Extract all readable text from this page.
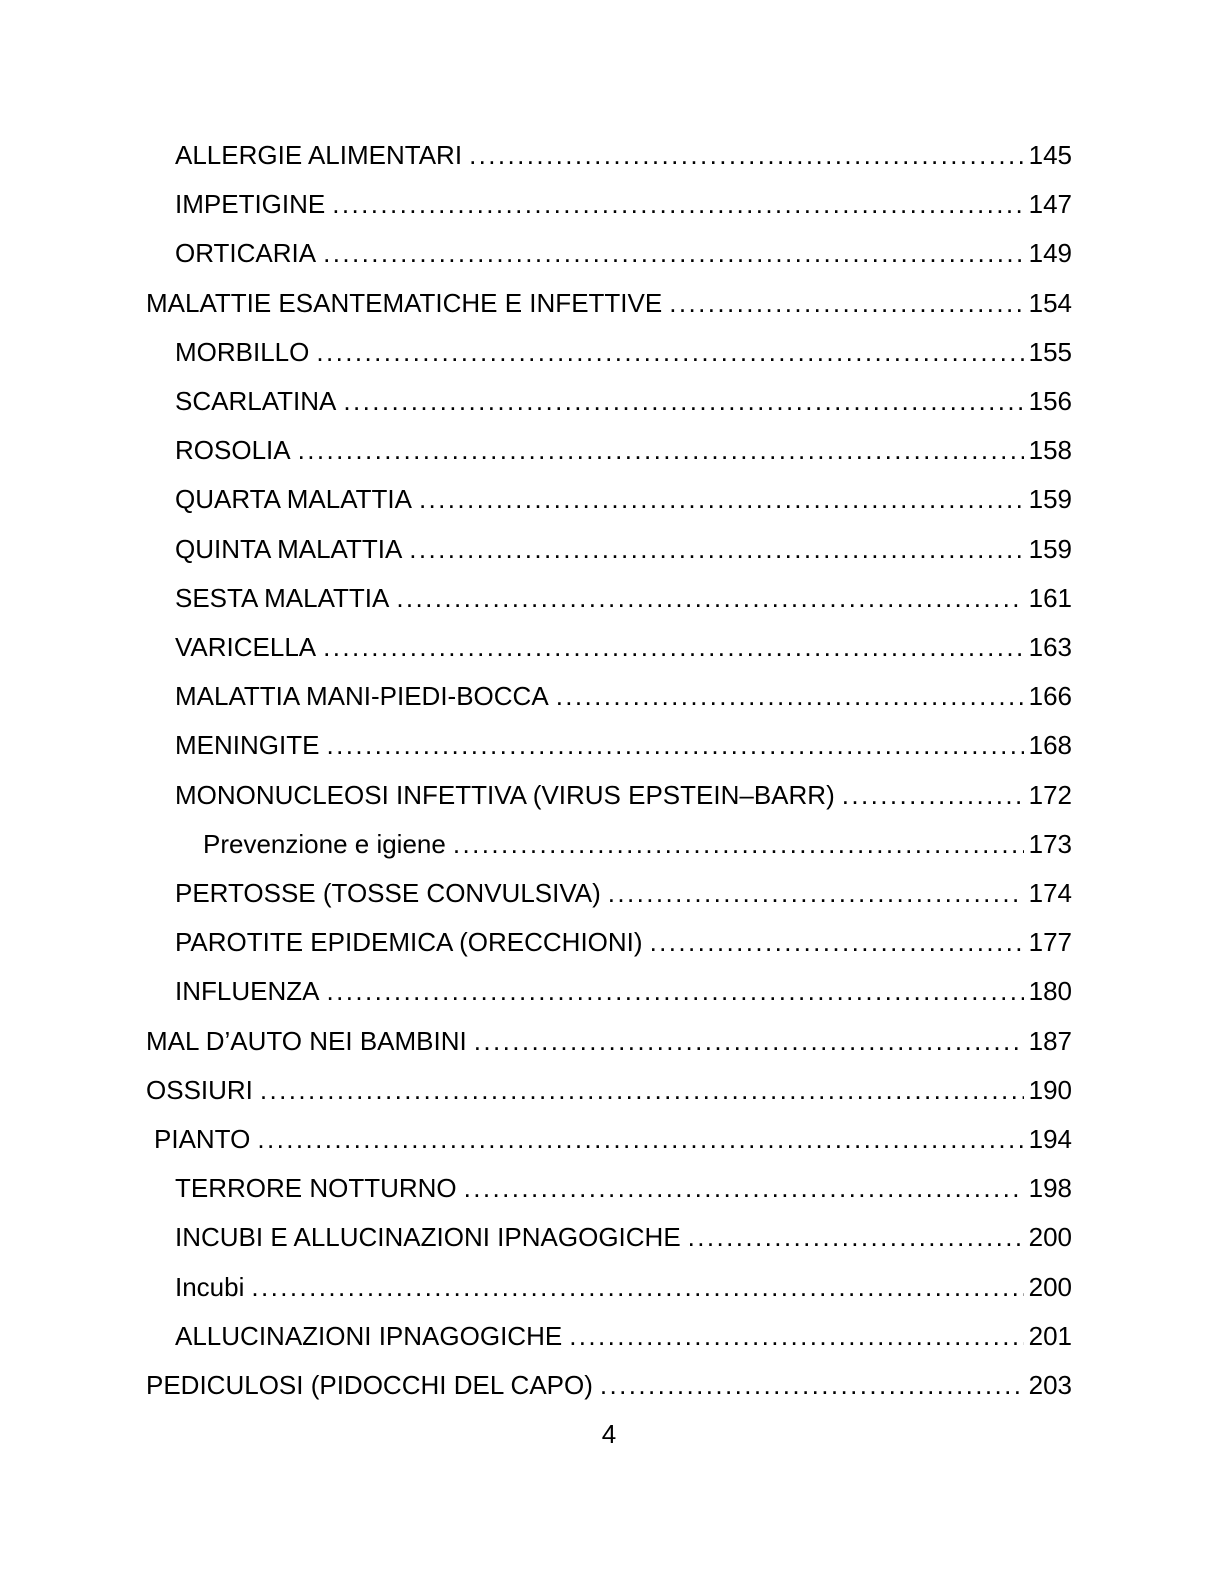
ALLERGIE ALIMENTARI .....	145
IMPETIGINE .....	147
ORTICARIA .....	149
MALATTIE ESANTEMATICHE E INFETTIVE .....	154
MORBILLO .....	155
SCARLATINA .....	156
ROSOLIA .....	158
QUARTA MALATTIA .....	159
QUINTA MALATTIA .....	159
SESTA MALATTIA .....	161
VARICELLA .....	163
MALATTIA MANI-PIEDI-BOCCA .....	166
MENINGITE .....	168
MONONUCLEOSI INFETTIVA (VIRUS EPSTEIN–BARR) .....	172
Prevenzione e igiene .....	173
PERTOSSE (TOSSE CONVULSIVA) .....	174
PAROTITE EPIDEMICA (ORECCHIONI) .....	177
INFLUENZA .....	180
MAL D’AUTO NEI BAMBINI .....	187
OSSIURI .....	190
PIANTO .....	194
TERRORE NOTTURNO .....	198
INCUBI E ALLUCINAZIONI IPNAGOGICHE .....	200
Incubi .....	200
ALLUCINAZIONI IPNAGOGICHE .....	201
PEDICULOSI (PIDOCCHI DEL CAPO) .....	203
4
